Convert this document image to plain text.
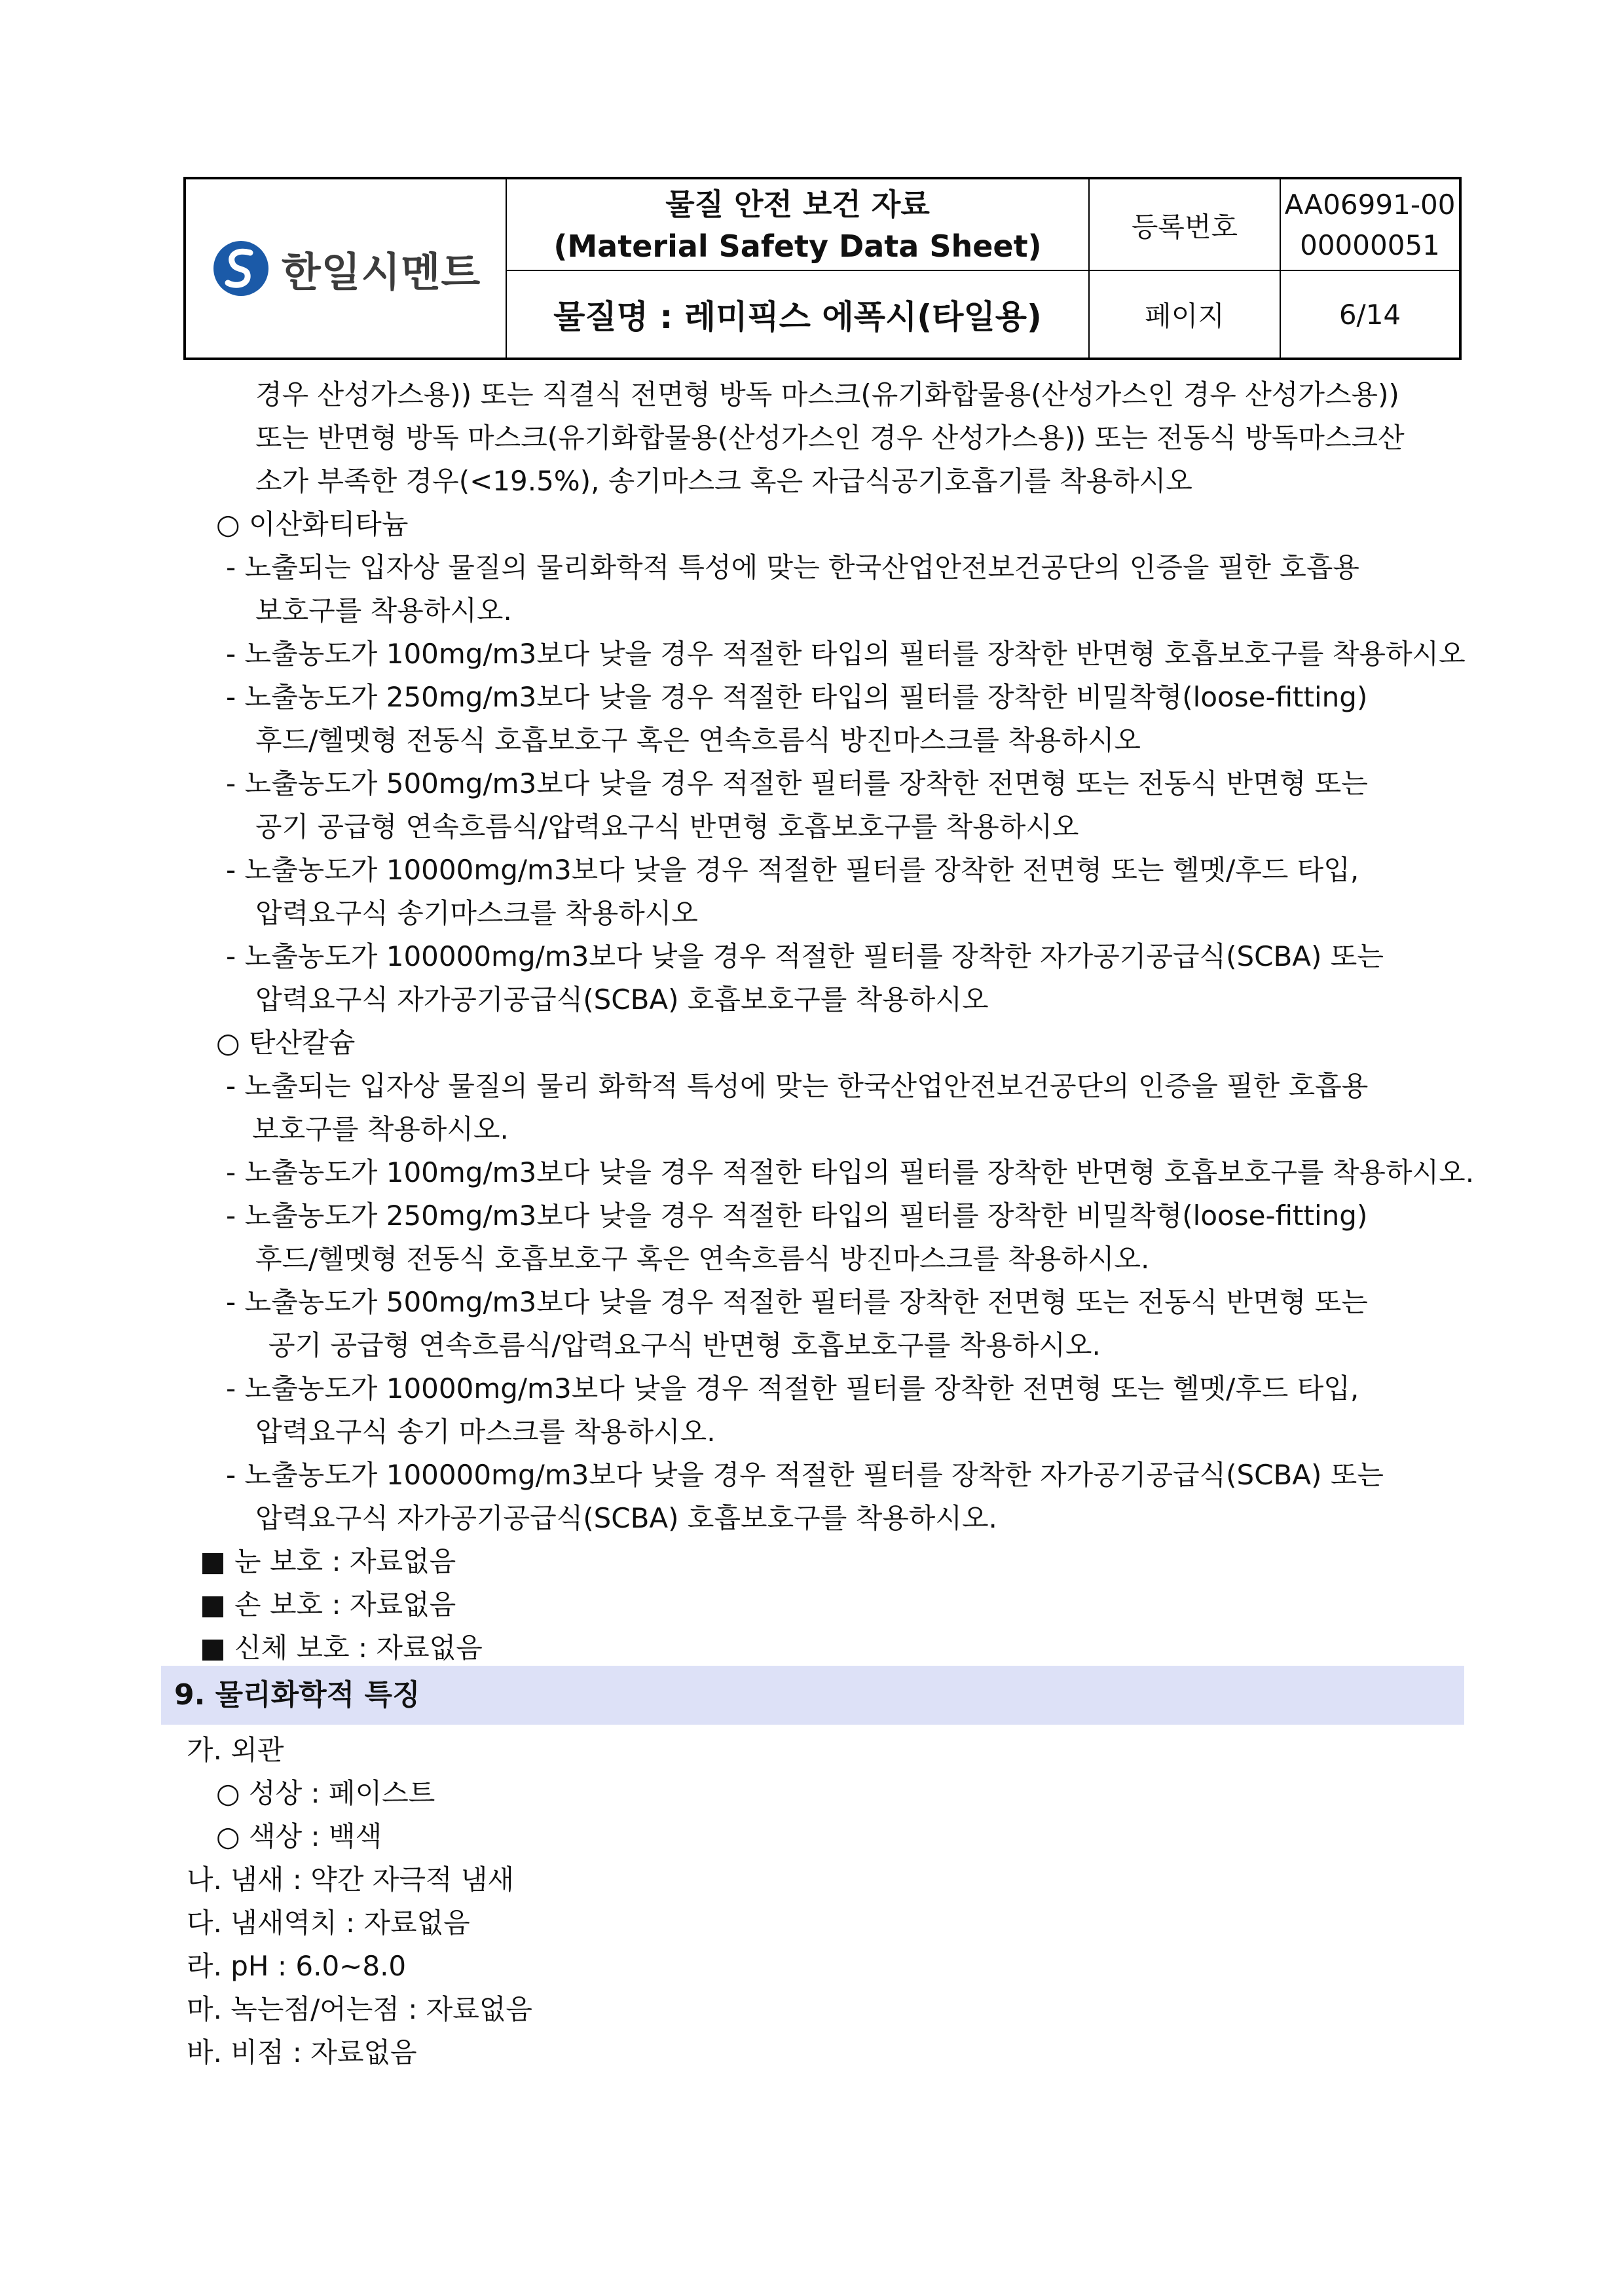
한일시멘트
물질 안전 보건 자료
(Material Safety Data Sheet)
물질명 : 레미픽스 에폭시(타일용)
등록번호
AA06991-00
00000051
페이지	6/14
경우 산성가스용)) 또는 직결식 전면형 방독 마스크(유기화합물용(산성가스인 경우 산성가스용))
또는 반면형 방독 마스크(유기화합물용(산성가스인 경우 산성가스용)) 또는 전동식 방독마스크산
소가 부족한 경우(<19.5%), 송기마스크 혹은 자급식공기호흡기를 착용하시오
○ 이산화티타늄
- 노출되는 입자상 물질의 물리화학적 특성에 맞는 한국산업안전보건공단의 인증을 필한 호흡용
보호구를 착용하시오.
- 노출농도가 100mg/m3보다 낮을 경우 적절한 타입의 필터를 장착한 반면형 호흡보호구를 착용하시오
- 노출농도가 250mg/m3보다 낮을 경우 적절한 타입의 필터를 장착한 비밀착형(loose-fitting)
후드/헬멧형 전동식 호흡보호구 혹은 연속흐름식 방진마스크를 착용하시오
- 노출농도가 500mg/m3보다 낮을 경우 적절한 필터를 장착한 전면형 또는 전동식 반면형 또는
공기 공급형 연속흐름식/압력요구식 반면형 호흡보호구를 착용하시오
- 노출농도가 10000mg/m3보다 낮을 경우 적절한 필터를 장착한 전면형 또는 헬멧/후드 타입,
압력요구식 송기마스크를 착용하시오
- 노출농도가 100000mg/m3보다 낮을 경우 적절한 필터를 장착한 자가공기공급식(SCBA) 또는
압력요구식 자가공기공급식(SCBA) 호흡보호구를 착용하시오
○ 탄산칼슘
- 노출되는 입자상 물질의 물리 화학적 특성에 맞는 한국산업안전보건공단의 인증을 필한 호흡용
보호구를 착용하시오.
- 노출농도가 100mg/m3보다 낮을 경우 적절한 타입의 필터를 장착한 반면형 호흡보호구를 착용하시오.
- 노출농도가 250mg/m3보다 낮을 경우 적절한 타입의 필터를 장착한 비밀착형(loose-fitting)
후드/헬멧형 전동식 호흡보호구 혹은 연속흐름식 방진마스크를 착용하시오.
- 노출농도가 500mg/m3보다 낮을 경우 적절한 필터를 장착한 전면형 또는 전동식 반면형 또는
공기 공급형 연속흐름식/압력요구식 반면형 호흡보호구를 착용하시오.
- 노출농도가 10000mg/m3보다 낮을 경우 적절한 필터를 장착한 전면형 또는 헬멧/후드 타입,
압력요구식 송기 마스크를 착용하시오.
- 노출농도가 100000mg/m3보다 낮을 경우 적절한 필터를 장착한 자가공기공급식(SCBA) 또는
압력요구식 자가공기공급식(SCBA) 호흡보호구를 착용하시오.
■ 눈 보호 : 자료없음
■ 손 보호 : 자료없음
■ 신체 보호 : 자료없음
9. 물리화학적 특징
가. 외관
○ 성상 : 페이스트
○ 색상 : 백색
나. 냄새 : 약간 자극적 냄새
다. 냄새역치 : 자료없음
라. pH : 6.0~8.0
마. 녹는점/어는점 : 자료없음
바. 비점 : 자료없음
